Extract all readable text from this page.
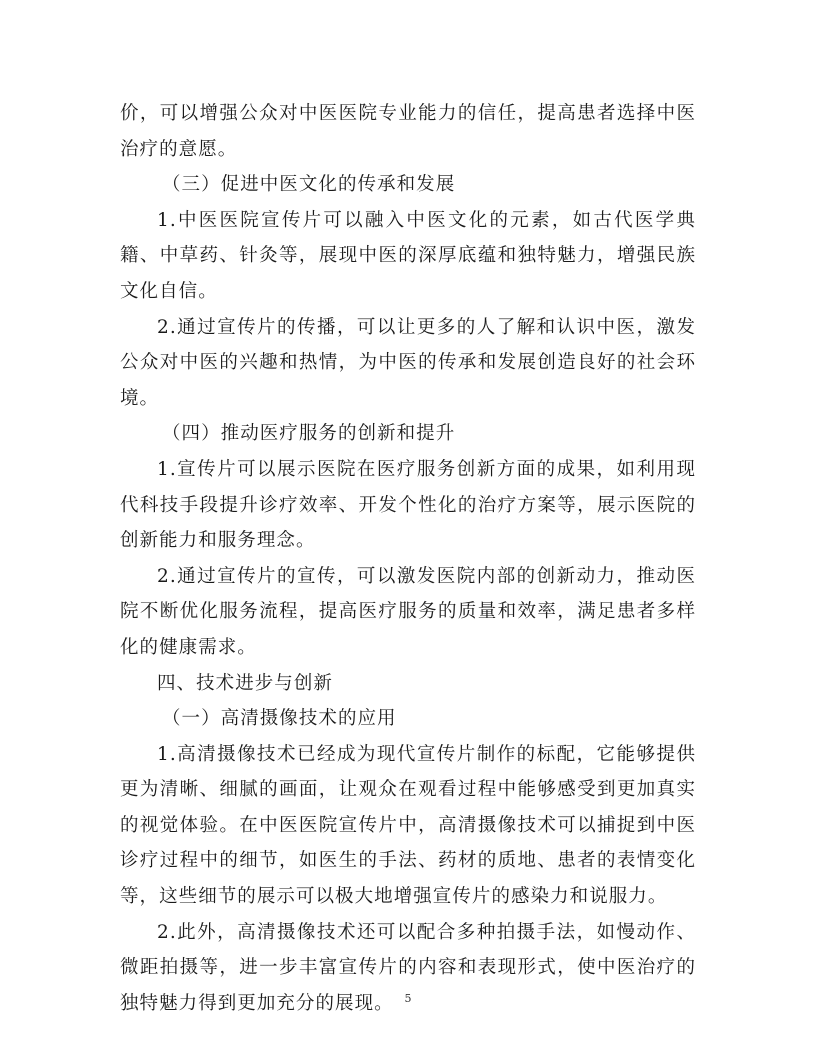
价，可以增强公众对中医医院专业能力的信任，提高患者选择中医治疗的意愿。

（三）促进中医文化的传承和发展

1.中医医院宣传片可以融入中医文化的元素，如古代医学典籍、中草药、针灸等，展现中医的深厚底蕴和独特魅力，增强民族文化自信。

2.通过宣传片的传播，可以让更多的人了解和认识中医，激发公众对中医的兴趣和热情，为中医的传承和发展创造良好的社会环境。

（四）推动医疗服务的创新和提升

1.宣传片可以展示医院在医疗服务创新方面的成果，如利用现代科技手段提升诊疗效率、开发个性化的治疗方案等，展示医院的创新能力和服务理念。

2.通过宣传片的宣传，可以激发医院内部的创新动力，推动医院不断优化服务流程，提高医疗服务的质量和效率，满足患者多样化的健康需求。

四、技术进步与创新

（一）高清摄像技术的应用

1.高清摄像技术已经成为现代宣传片制作的标配，它能够提供更为清晰、细腻的画面，让观众在观看过程中能够感受到更加真实的视觉体验。在中医医院宣传片中，高清摄像技术可以捕捉到中医诊疗过程中的细节，如医生的手法、药材的质地、患者的表情变化等，这些细节的展示可以极大地增强宣传片的感染力和说服力。

2.此外，高清摄像技术还可以配合多种拍摄手法，如慢动作、微距拍摄等，进一步丰富宣传片的内容和表现形式，使中医治疗的独特魅力得到更加充分的展现。 5
